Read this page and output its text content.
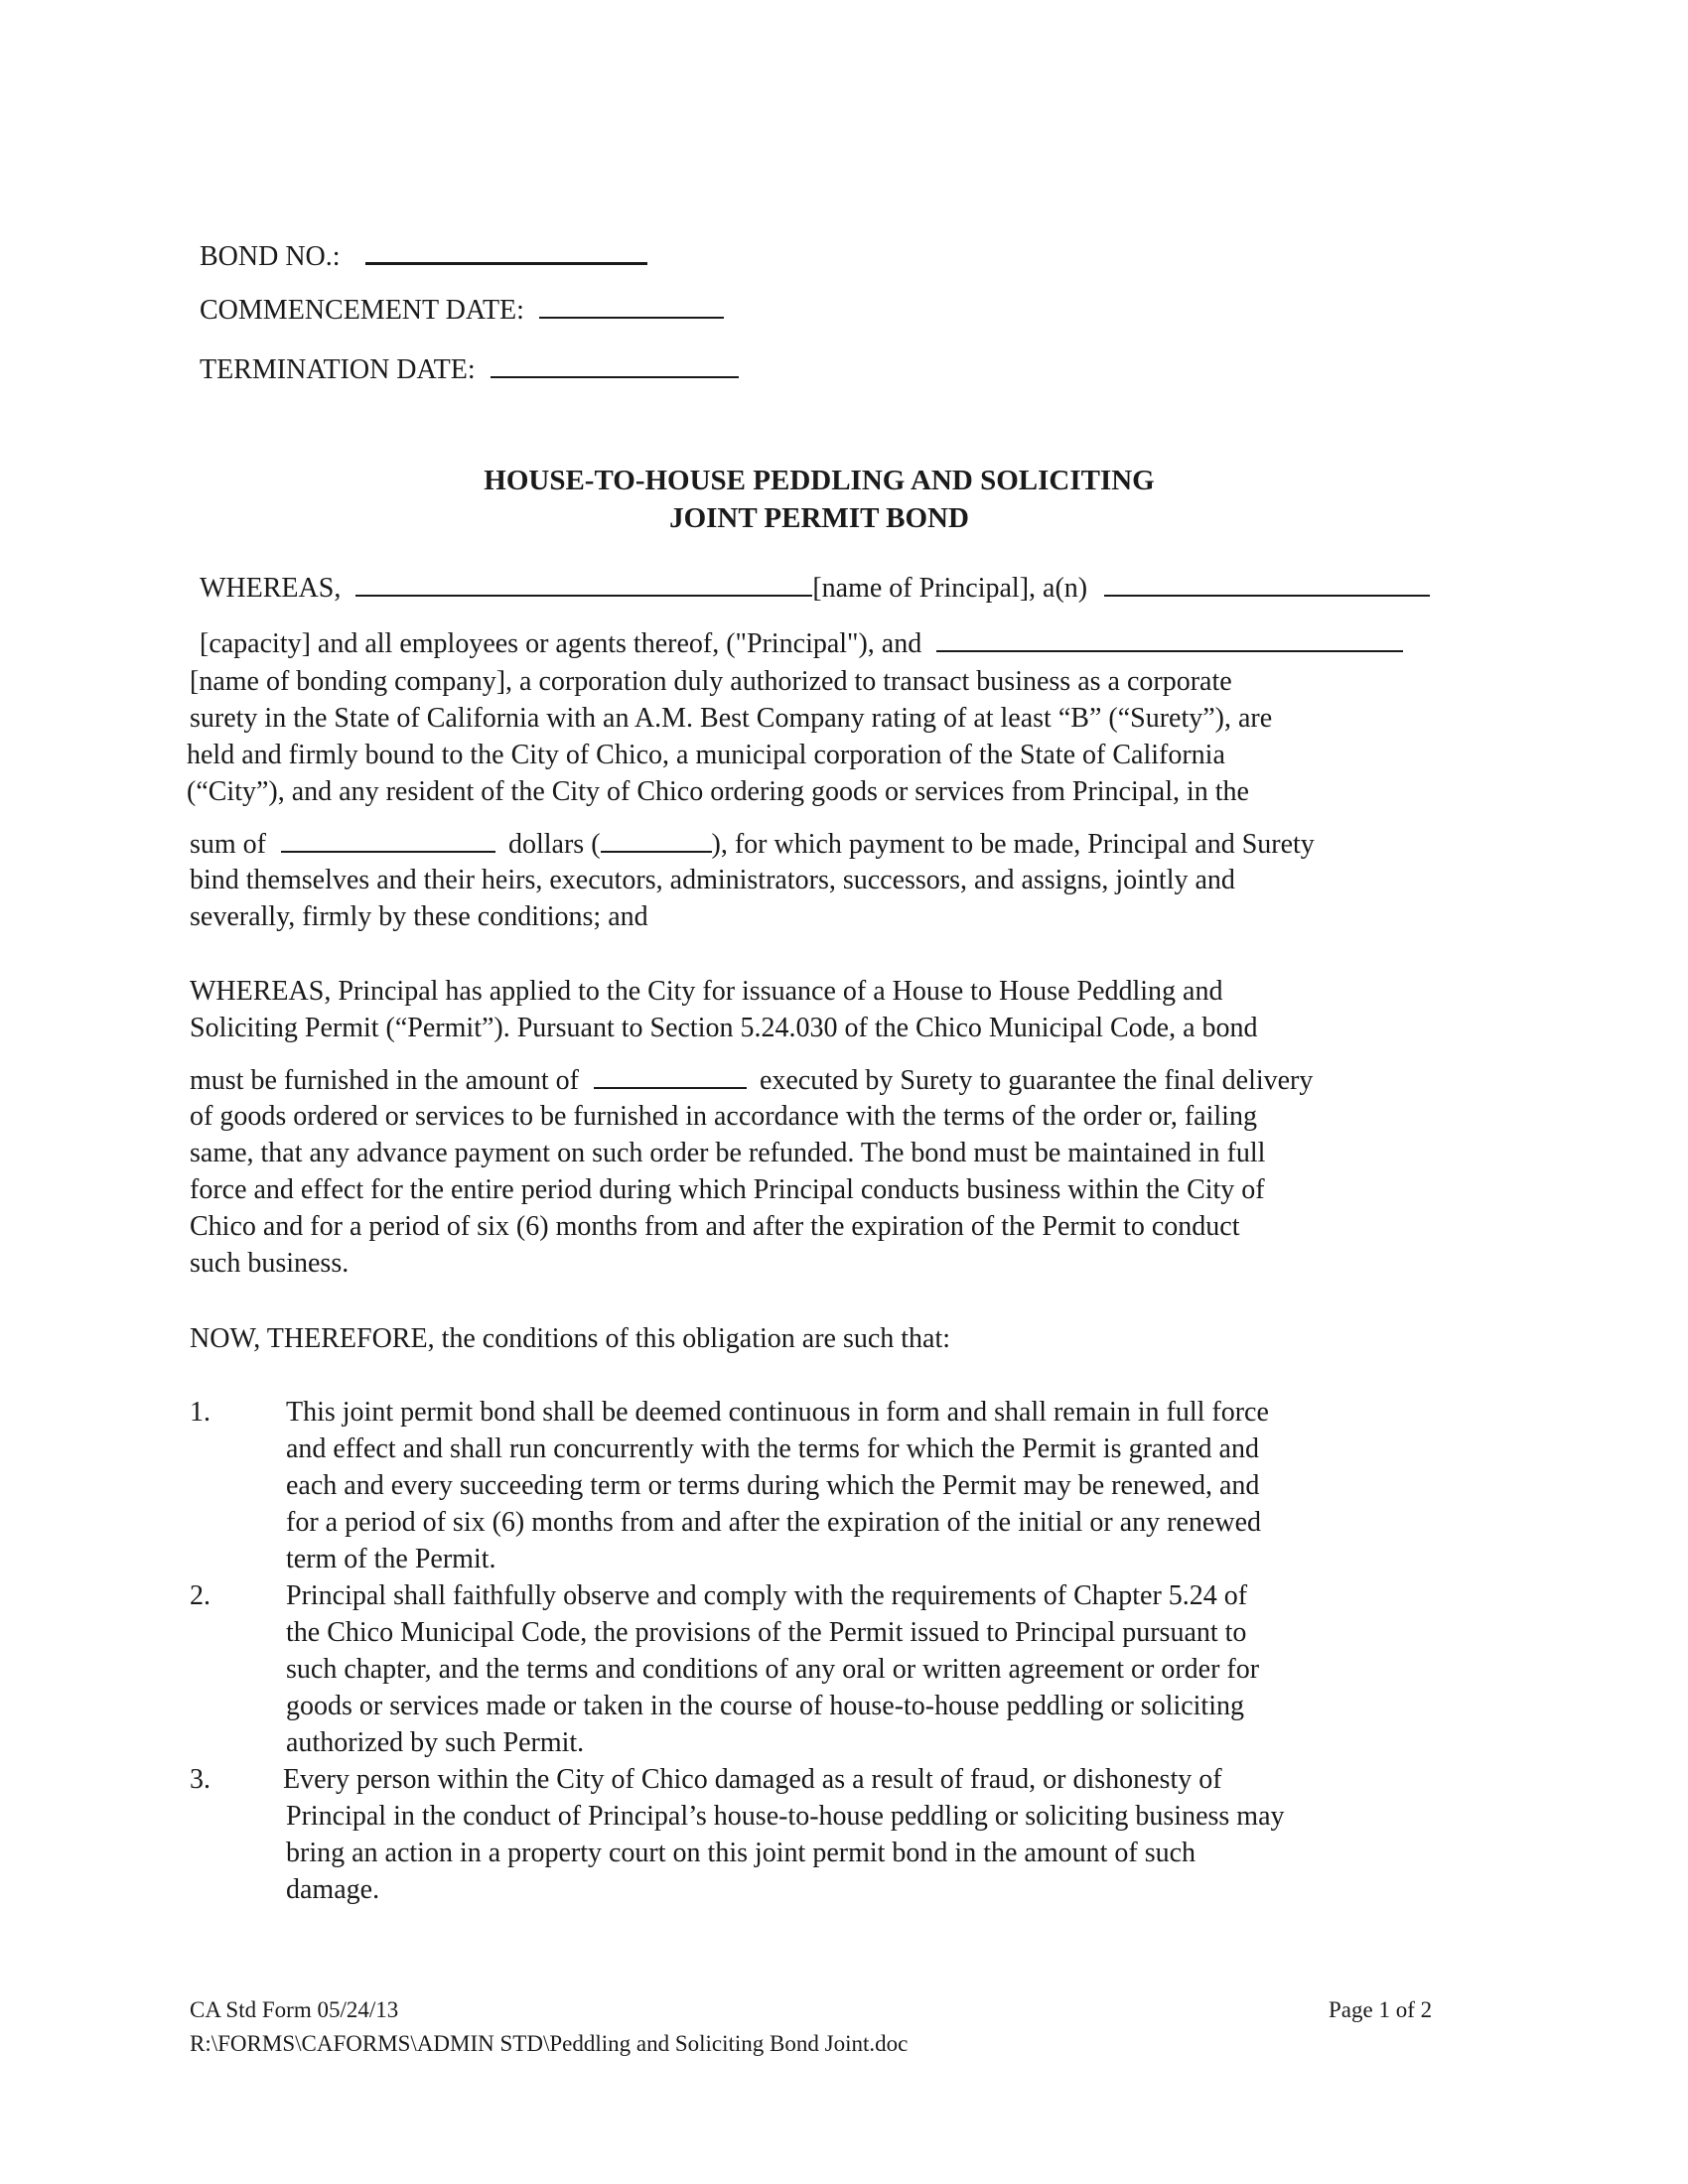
BOND NO.:
COMMENCEMENT DATE:
TERMINATION DATE:
HOUSE-TO-HOUSE PEDDLING AND SOLICITING
JOINT PERMIT BOND
WHEREAS,	[name of Principal], a(n)
[capacity] and all employees or agents thereof, ("Principal"), and
[name of bonding company], a corporation duly authorized to transact business as a corporate
surety in the State of California with an A.M. Best Company rating of at least “B” (“Surety”), are
held and firmly bound to the City of Chico, a municipal corporation of the State of California
(“City”), and any resident of the City of Chico ordering goods or services from Principal, in the
sum of	dollars (	), for which payment to be made, Principal and Surety
bind themselves and their heirs, executors, administrators, successors, and assigns, jointly and
severally, firmly by these conditions; and
WHEREAS, Principal has applied to the City for issuance of a House to House Peddling and
Soliciting Permit (“Permit”). Pursuant to Section 5.24.030 of the Chico Municipal Code, a bond
must be furnished in the amount of	executed by Surety to guarantee the final delivery
of goods ordered or services to be furnished in accordance with the terms of the order or, failing
same, that any advance payment on such order be refunded. The bond must be maintained in full
force and effect for the entire period during which Principal conducts business within the City of
Chico and for a period of six (6) months from and after the expiration of the Permit to conduct
such business.
NOW, THEREFORE, the conditions of this obligation are such that:
1.	This joint permit bond shall be deemed continuous in form and shall remain in full force
and effect and shall run concurrently with the terms for which the Permit is granted and
each and every succeeding term or terms during which the Permit may be renewed, and
for a period of six (6) months from and after the expiration of the initial or any renewed
term of the Permit.
2.	Principal shall faithfully observe and comply with the requirements of Chapter 5.24 of
the Chico Municipal Code, the provisions of the Permit issued to Principal pursuant to
such chapter, and the terms and conditions of any oral or written agreement or order for
goods or services made or taken in the course of house-to-house peddling or soliciting
authorized by such Permit.
3.	Every person within the City of Chico damaged as a result of fraud, or dishonesty of
Principal in the conduct of Principal’s house-to-house peddling or soliciting business may
bring an action in a property court on this joint permit bond in the amount of such
damage.
CA Std Form 05/24/13
R:\FORMS\CAFORMS\ADMIN STD\Peddling and Soliciting Bond Joint.doc
Page 1 of 2
